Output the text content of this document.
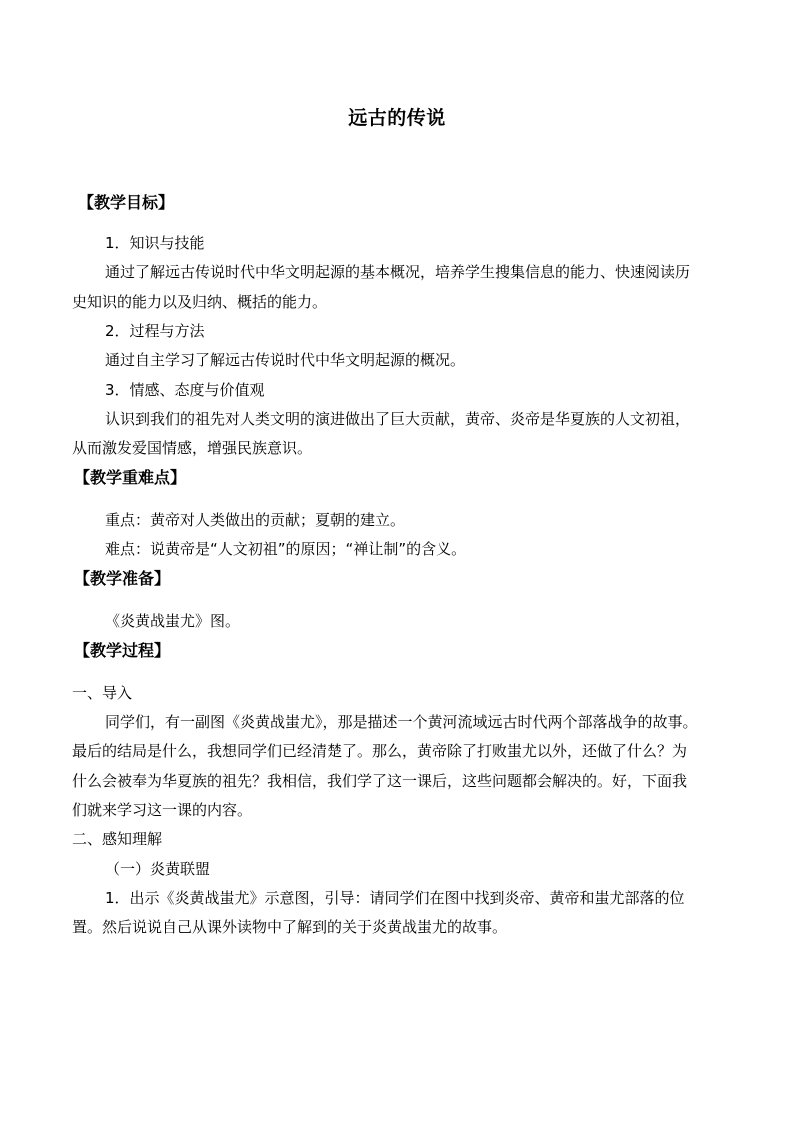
远古的传说
【教学目标】
1．知识与技能
通过了解远古传说时代中华文明起源的基本概况，培养学生搜集信息的能力、快速阅读历
史知识的能力以及归纳、概括的能力。
2．过程与方法
通过自主学习了解远古传说时代中华文明起源的概况。
3．情感、态度与价值观
认识到我们的祖先对人类文明的演进做出了巨大贡献，黄帝、炎帝是华夏族的人文初祖，
从而激发爱国情感，增强民族意识。
【教学重难点】
重点：黄帝对人类做出的贡献；夏朝的建立。
难点：说黄帝是“人文初祖”的原因；“禅让制”的含义。
【教学准备】
《炎黄战蚩尤》图。
【教学过程】
一、导入
同学们，有一副图《炎黄战蚩尤》，那是描述一个黄河流域远古时代两个部落战争的故事。
最后的结局是什么，我想同学们已经清楚了。那么，黄帝除了打败蚩尤以外，还做了什么？为
什么会被奉为华夏族的祖先？我相信，我们学了这一课后，这些问题都会解决的。好，下面我
们就来学习这一课的内容。
二、感知理解
（一）炎黄联盟
1．出示《炎黄战蚩尤》示意图，引导：请同学们在图中找到炎帝、黄帝和蚩尤部落的位
置。然后说说自己从课外读物中了解到的关于炎黄战蚩尤的故事。
